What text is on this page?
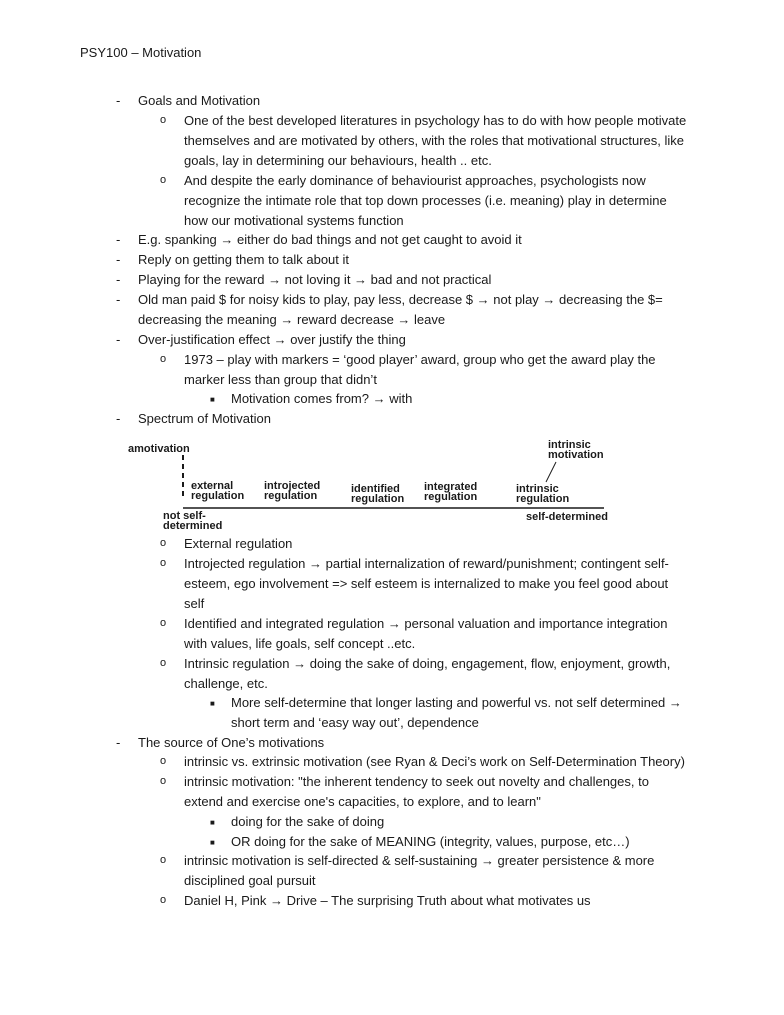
PSY100 – Motivation
- Goals and Motivation
o One of the best developed literatures in psychology has to do with how people motivate
themselves and are motivated by others, with the roles that motivational structures, like
goals, lay in determining our behaviours, health .. etc.
o And despite the early dominance of behaviourist approaches, psychologists now
recognize the intimate role that top down processes (i.e. meaning) play in determine
how our motivational systems function
- E.g. spanking → either do bad things and not get caught to avoid it
- Reply on getting them to talk about it
- Playing for the reward → not loving it → bad and not practical
- Old man paid $ for noisy kids to play, pay less, decrease $ → not play → decreasing the $=
decreasing the meaning → reward decrease → leave
- Over-justification effect → over justify the thing
o 1973 – play with markers = ‘good player’ award, group who get the award play the
marker less than group that didn’t
■ Motivation comes from? → with
- Spectrum of Motivation
amotivation	intrinsic
motivation
external
regulation
introjected
regulation
identified
regulation
integrated
regulation
intrinsic
regulation
not self-
determined
self-determined
o External regulation
o Introjected regulation → partial internalization of reward/punishment; contingent self-
esteem, ego involvement => self esteem is internalized to make you feel good about
self
o Identified and integrated regulation → personal valuation and importance integration
with values, life goals, self concept ..etc.
o Intrinsic regulation → doing the sake of doing, engagement, flow, enjoyment, growth,
challenge, etc.
■ More self-determine that longer lasting and powerful vs. not self determined →
short term and ‘easy way out’, dependence
- The source of One’s motivations
o intrinsic vs. extrinsic motivation (see Ryan & Deci’s work on Self-Determination Theory)
o intrinsic motivation: "the inherent tendency to seek out novelty and challenges, to
extend and exercise one's capacities, to explore, and to learn"
■ doing for the sake of doing
■ OR doing for the sake of MEANING (integrity, values, purpose, etc…)
o intrinsic motivation is self-directed & self-sustaining → greater persistence & more
disciplined goal pursuit
o Daniel H, Pink → Drive – The surprising Truth about what motivates us
